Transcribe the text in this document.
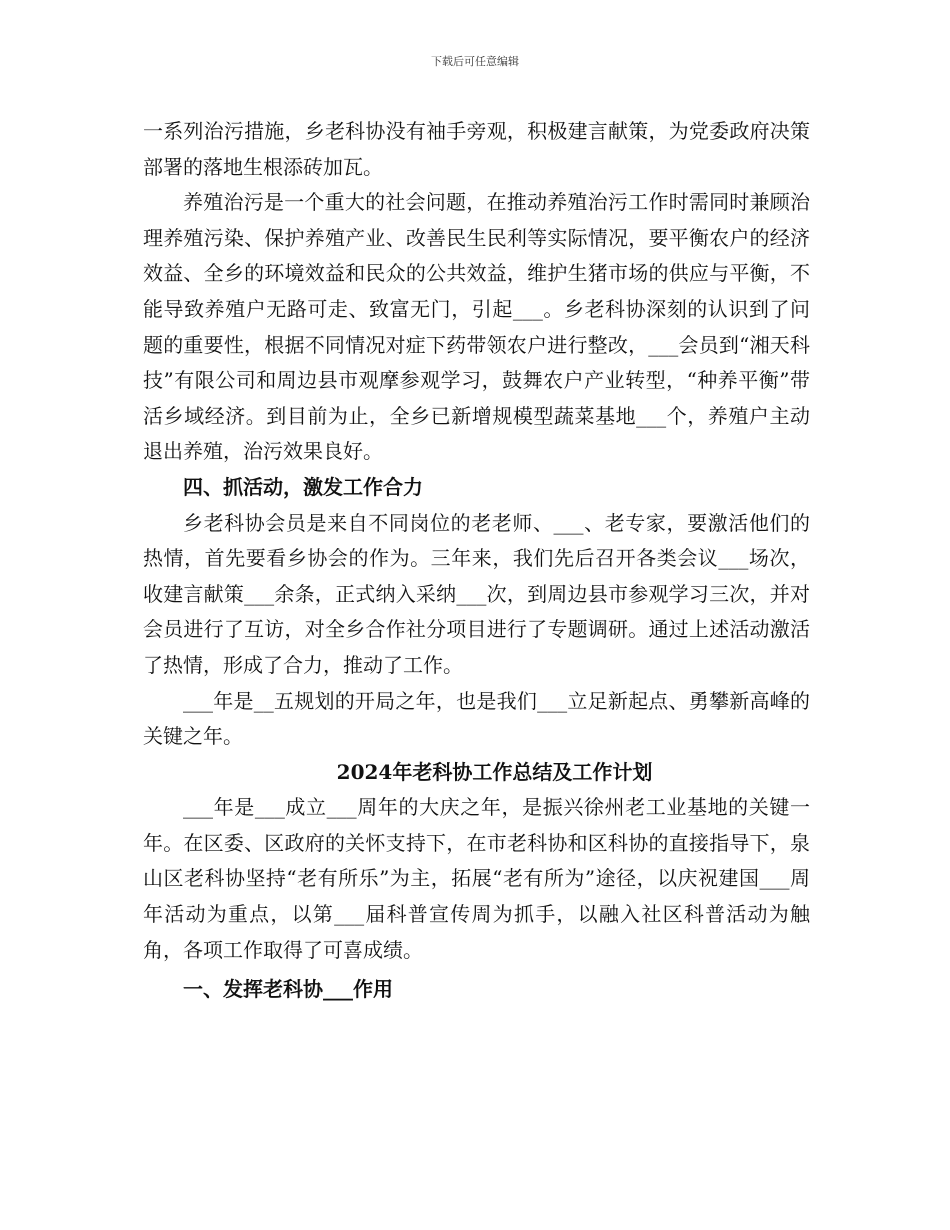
下载后可任意编辑

一系列治污措施，乡老科协没有袖手旁观，积极建言献策，为党委政府决策部署的落地生根添砖加瓦。

养殖治污是一个重大的社会问题，在推动养殖治污工作时需同时兼顾治理养殖污染、保护养殖产业、改善民生民利等实际情况，要平衡农户的经济效益、全乡的环境效益和民众的公共效益，维护生猪市场的供应与平衡，不能导致养殖户无路可走、致富无门，引起___。乡老科协深刻的认识到了问题的重要性，根据不同情况对症下药带领农户进行整改，___会员到“湘天科技”有限公司和周边县市观摩参观学习，鼓舞农户产业转型，“种养平衡”带活乡域经济。到目前为止，全乡已新增规模型蔬菜基地___个，养殖户主动退出养殖，治污效果良好。

四、抓活动，激发工作合力

乡老科协会员是来自不同岗位的老老师、___、老专家，要激活他们的热情，首先要看乡协会的作为。三年来，我们先后召开各类会议___场次，收建言献策___余条，正式纳入采纳___次，到周边县市参观学习三次，并对会员进行了互访，对全乡合作社分项目进行了专题调研。通过上述活动激活了热情，形成了合力，推动了工作。

___年是__五规划的开局之年，也是我们___立足新起点、勇攀新高峰的关键之年。

2024年老科协工作总结及工作计划

___年是___成立___周年的大庆之年，是振兴徐州老工业基地的关键一年。在区委、区政府的关怀支持下，在市老科协和区科协的直接指导下，泉山区老科协坚持“老有所乐”为主，拓展“老有所为”途径，以庆祝建国___周年活动为重点，以第___届科普宣传周为抓手，以融入社区科普活动为触角，各项工作取得了可喜成绩。

一、发挥老科协___作用
